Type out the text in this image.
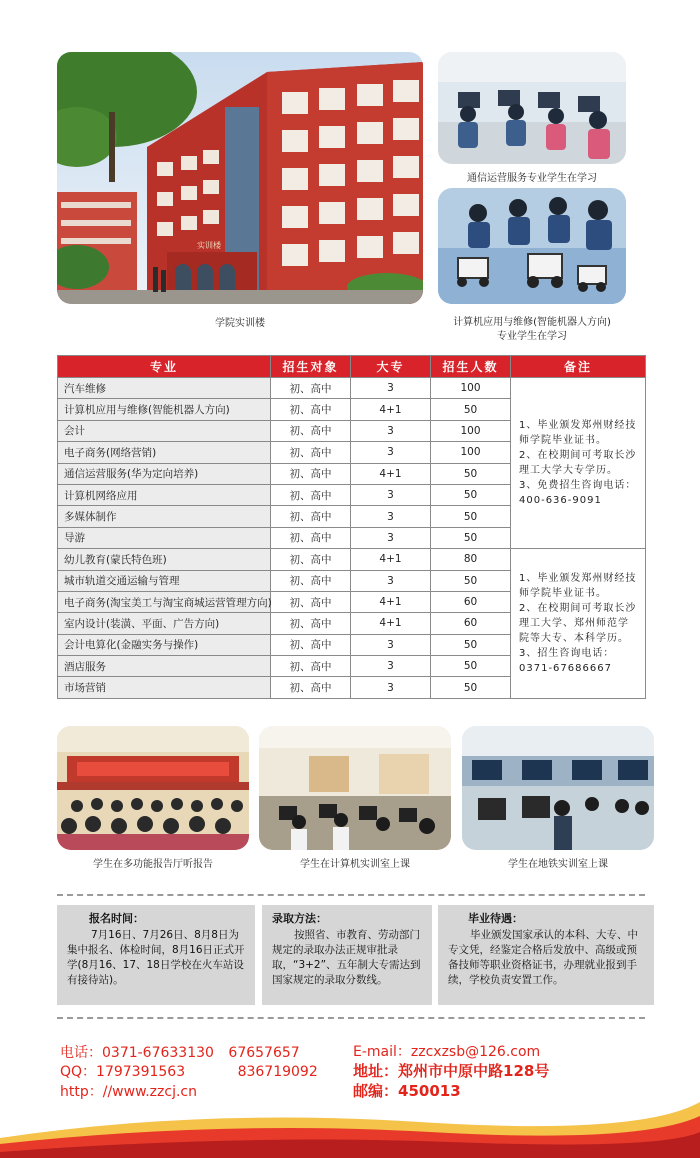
实训楼
学院实训楼
通信运营服务专业学生在学习
计算机应用与维修(智能机器人方向)
专业学生在学习
专业	招生对象	大专	招生人数	备注
汽车维修	初、高中	3	100	1、毕业颁发郑州财经技师学院毕业证书。
2、在校期间可考取长沙理工大学大专学历。
3、免费招生咨询电话：400-636-9091

计算机应用与维修(智能机器人方向)	初、高中	4+1	50	
会计	初、高中	3	100	
电子商务(网络营销)	初、高中	3	100	
通信运营服务(华为定向培养)	初、高中	4+1	50	
计算机网络应用	初、高中	3	50	
多媒体制作	初、高中	3	50	
导游	初、高中	3	50	
幼儿教育(蒙氏特色班)	初、高中	4+1	80	1、毕业颁发郑州财经技师学院毕业证书。
2、在校期间可考取长沙理工大学、郑州师范学院等大专、本科学历。
3、招生咨询电话：0371-67686667

城市轨道交通运输与管理	初、高中	3	50	
电子商务(淘宝美工与淘宝商城运营管理方向)	初、高中	4+1	60	
室内设计(装潢、平面、广告方向)	初、高中	4+1	60	
会计电算化(金融实务与操作)	初、高中	3	50	
酒店服务	初、高中	3	50	
市场营销	初、高中	3	50	
学生在多功能报告厅听报告	学生在计算机实训室上课	学生在地铁实训室上课
报名时间：
7月16日、7月26日、8月8日为集中报名、体检时间，8月16日正式开学(8月16、17、18日学校在火车站设有接待站)。
录取方法：
按照省、市教育、劳动部门规定的录取办法正规审批录取，“3+2”、五年制大专需达到国家规定的录取分数线。
毕业待遇：
毕业颁发国家承认的本科、大专、中专文凭，经鉴定合格后发放中、高级或预备技师等职业资格证书，办理就业报到手续，学校负责安置工作。
电话：0371-67633130 67657657
QQ：1797391563	836719092
http：//www.zzcj.cn
E-mail：zzcxzsb@126.com
地址：郑州市中原中路128号
邮编：450013
